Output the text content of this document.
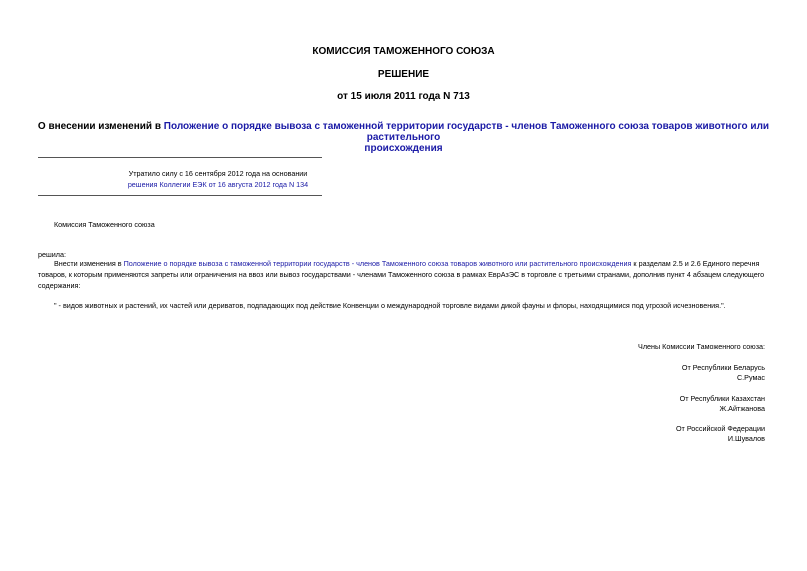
КОМИССИЯ ТАМОЖЕННОГО СОЮЗА
РЕШЕНИЕ
от 15 июля 2011 года N 713
О внесении изменений в Положение о порядке вывоза с таможенной территории государств - членов Таможенного союза товаров животного или растительного
происхождения
Утратило силу с 16 сентября 2012 года на основании
решения Коллегии ЕЭК от 16 августа 2012 года N 134
Комиссия Таможенного союза
решила:
Внести изменения в Положение о порядке вывоза с таможенной территории государств - членов Таможенного союза товаров животного или растительного происхождения к разделам 2.5 и 2.6 Единого перечня
товаров, к которым применяются запреты или ограничения на ввоз или вывоз государствами - членами Таможенного союза в рамках ЕврАзЭС в торговле с третьими странами, дополнив пункт 4 абзацем следующего
содержания:
" - видов животных и растений, их частей или дериватов, подпадающих под действие Конвенции о международной торговле видами дикой фауны и флоры, находящимися под угрозой исчезновения.".
Члены Комиссии Таможенного союза:
От Республики Беларусь
С.Румас
От Республики Казахстан
Ж.Айтжанова
От Российской Федерации
И.Шувалов
